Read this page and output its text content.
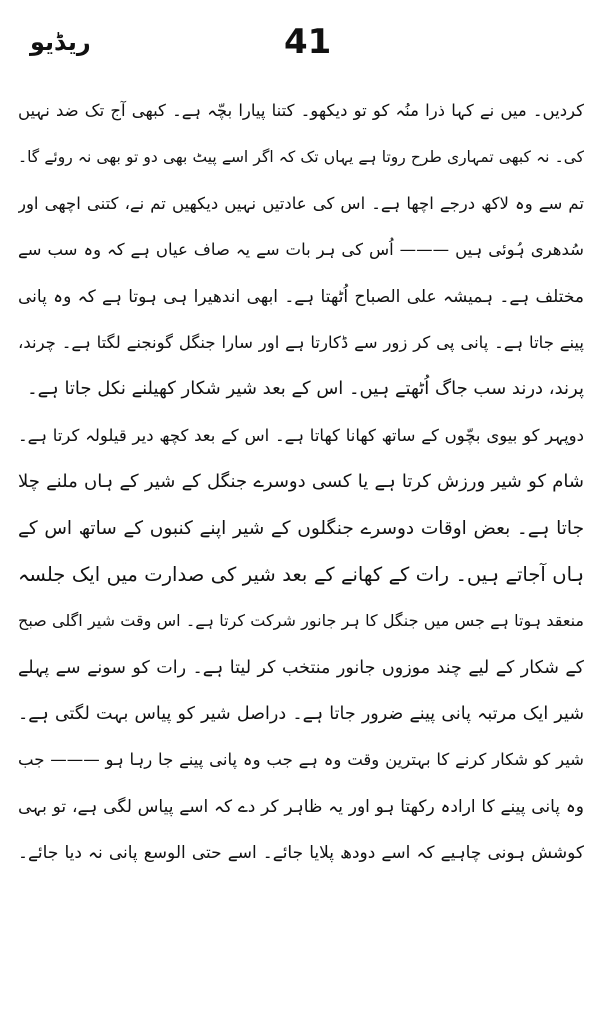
ریڈیو	41
کردیں۔ میں نے کہا ذرا منُہ کو تو دیکھو۔ کتنا پیارا بچّہ ہے۔ کبھی آج تک ضد نہیں
کی۔ نہ کبھی تمہاری طرح روتا ہے یہاں تک کہ اگر اسے پیٹ بھی دو تو بھی نہ روئے گا۔
تم سے وہ لاکھ درجے اچھا ہے۔ اس کی عادتیں نہیں دیکھیں تم نے، کتنی اچھی اور
سُدھری ہُوئی ہیں ——— اُس کی ہر بات سے یہ صاف عیاں ہے کہ وہ سب سے
مختلف ہے۔ ہمیشہ علی الصباح اُٹھتا ہے۔ ابھی اندھیرا ہی ہوتا ہے کہ وہ پانی
پینے جاتا ہے۔ پانی پی کر زور سے ڈکارتا ہے اور سارا جنگل گونجنے لگتا ہے۔ چرند،
پرند، درند سب جاگ اُٹھتے ہیں۔ اس کے بعد شیر شکار کھیلنے نکل جاتا ہے۔
دوپہر کو بیوی بچّوں کے ساتھ کھانا کھاتا ہے۔ اس کے بعد کچھ دیر قیلولہ کرتا ہے۔
شام کو شیر ورزش کرتا ہے یا کسی دوسرے جنگل کے شیر کے ہاں ملنے چلا
جاتا ہے۔ بعض اوقات دوسرے جنگلوں کے شیر اپنے کنبوں کے ساتھ اس کے
ہاں آجاتے ہیں۔ رات کے کھانے کے بعد شیر کی صدارت میں ایک جلسہ
منعقد ہوتا ہے جس میں جنگل کا ہر جانور شرکت کرتا ہے۔ اس وقت شیر اگلی صبح
کے شکار کے لیے چند موزوں جانور منتخب کر لیتا ہے۔ رات کو سونے سے پہلے
شیر ایک مرتبہ پانی پینے ضرور جاتا ہے۔ دراصل شیر کو پیاس بہت لگتی ہے۔
شیر کو شکار کرنے کا بہترین وقت وہ ہے جب وہ پانی پینے جا رہا ہو ——— جب
وہ پانی پینے کا ارادہ رکھتا ہو اور یہ ظاہر کر دے کہ اسے پیاس لگی ہے، تو بہی
کوشش ہونی چاہیے کہ اسے دودھ پلایا جائے۔ اسے حتی الوسع پانی نہ دیا جائے۔
